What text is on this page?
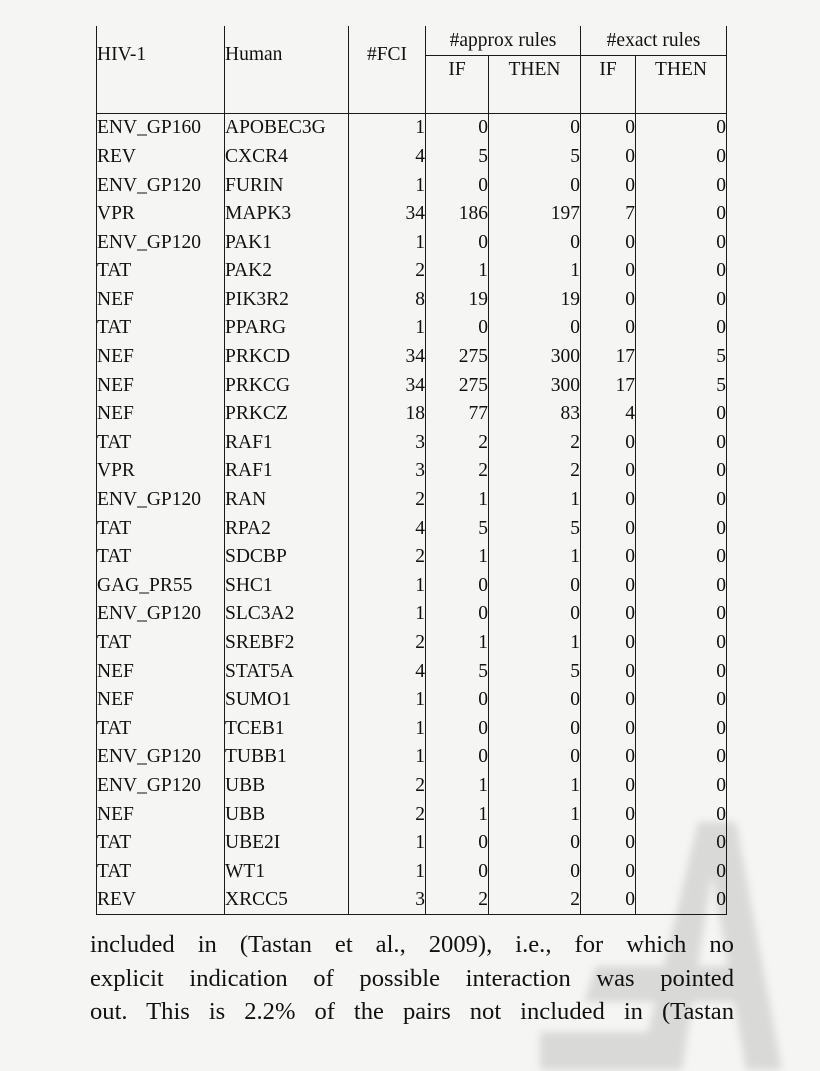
HIV-1	Human	#FCI	#approx rules		#exact rules	
			IF	THEN	IF	THEN

ENV_GP160	APOBEC3G	1	0	0	0	0
REV	CXCR4	4	5	5	0	0
ENV_GP120	FURIN	1	0	0	0	0
VPR	MAPK3	34	186	197	7	0
ENV_GP120	PAK1	1	0	0	0	0
TAT	PAK2	2	1	1	0	0
NEF	PIK3R2	8	19	19	0	0
TAT	PPARG	1	0	0	0	0
NEF	PRKCD	34	275	300	17	5
NEF	PRKCG	34	275	300	17	5
NEF	PRKCZ	18	77	83	4	0
TAT	RAF1	3	2	2	0	0
VPR	RAF1	3	2	2	0	0
ENV_GP120	RAN	2	1	1	0	0
TAT	RPA2	4	5	5	0	0
TAT	SDCBP	2	1	1	0	0
GAG_PR55	SHC1	1	0	0	0	0
ENV_GP120	SLC3A2	1	0	0	0	0
TAT	SREBF2	2	1	1	0	0
NEF	STAT5A	4	5	5	0	0
NEF	SUMO1	1	0	0	0	0
TAT	TCEB1	1	0	0	0	0
ENV_GP120	TUBB1	1	0	0	0	0
ENV_GP120	UBB	2	1	1	0	0
NEF	UBB	2	1	1	0	0
TAT	UBE2I	1	0	0	0	0
TAT	WT1	1	0	0	0	0
REV	XRCC5	3	2	2	0	0
included in (Tastan et al., 2009), i.e., for which no
explicit indication of possible interaction was pointed
out. This is 2.2% of the pairs not included in (Tastan
